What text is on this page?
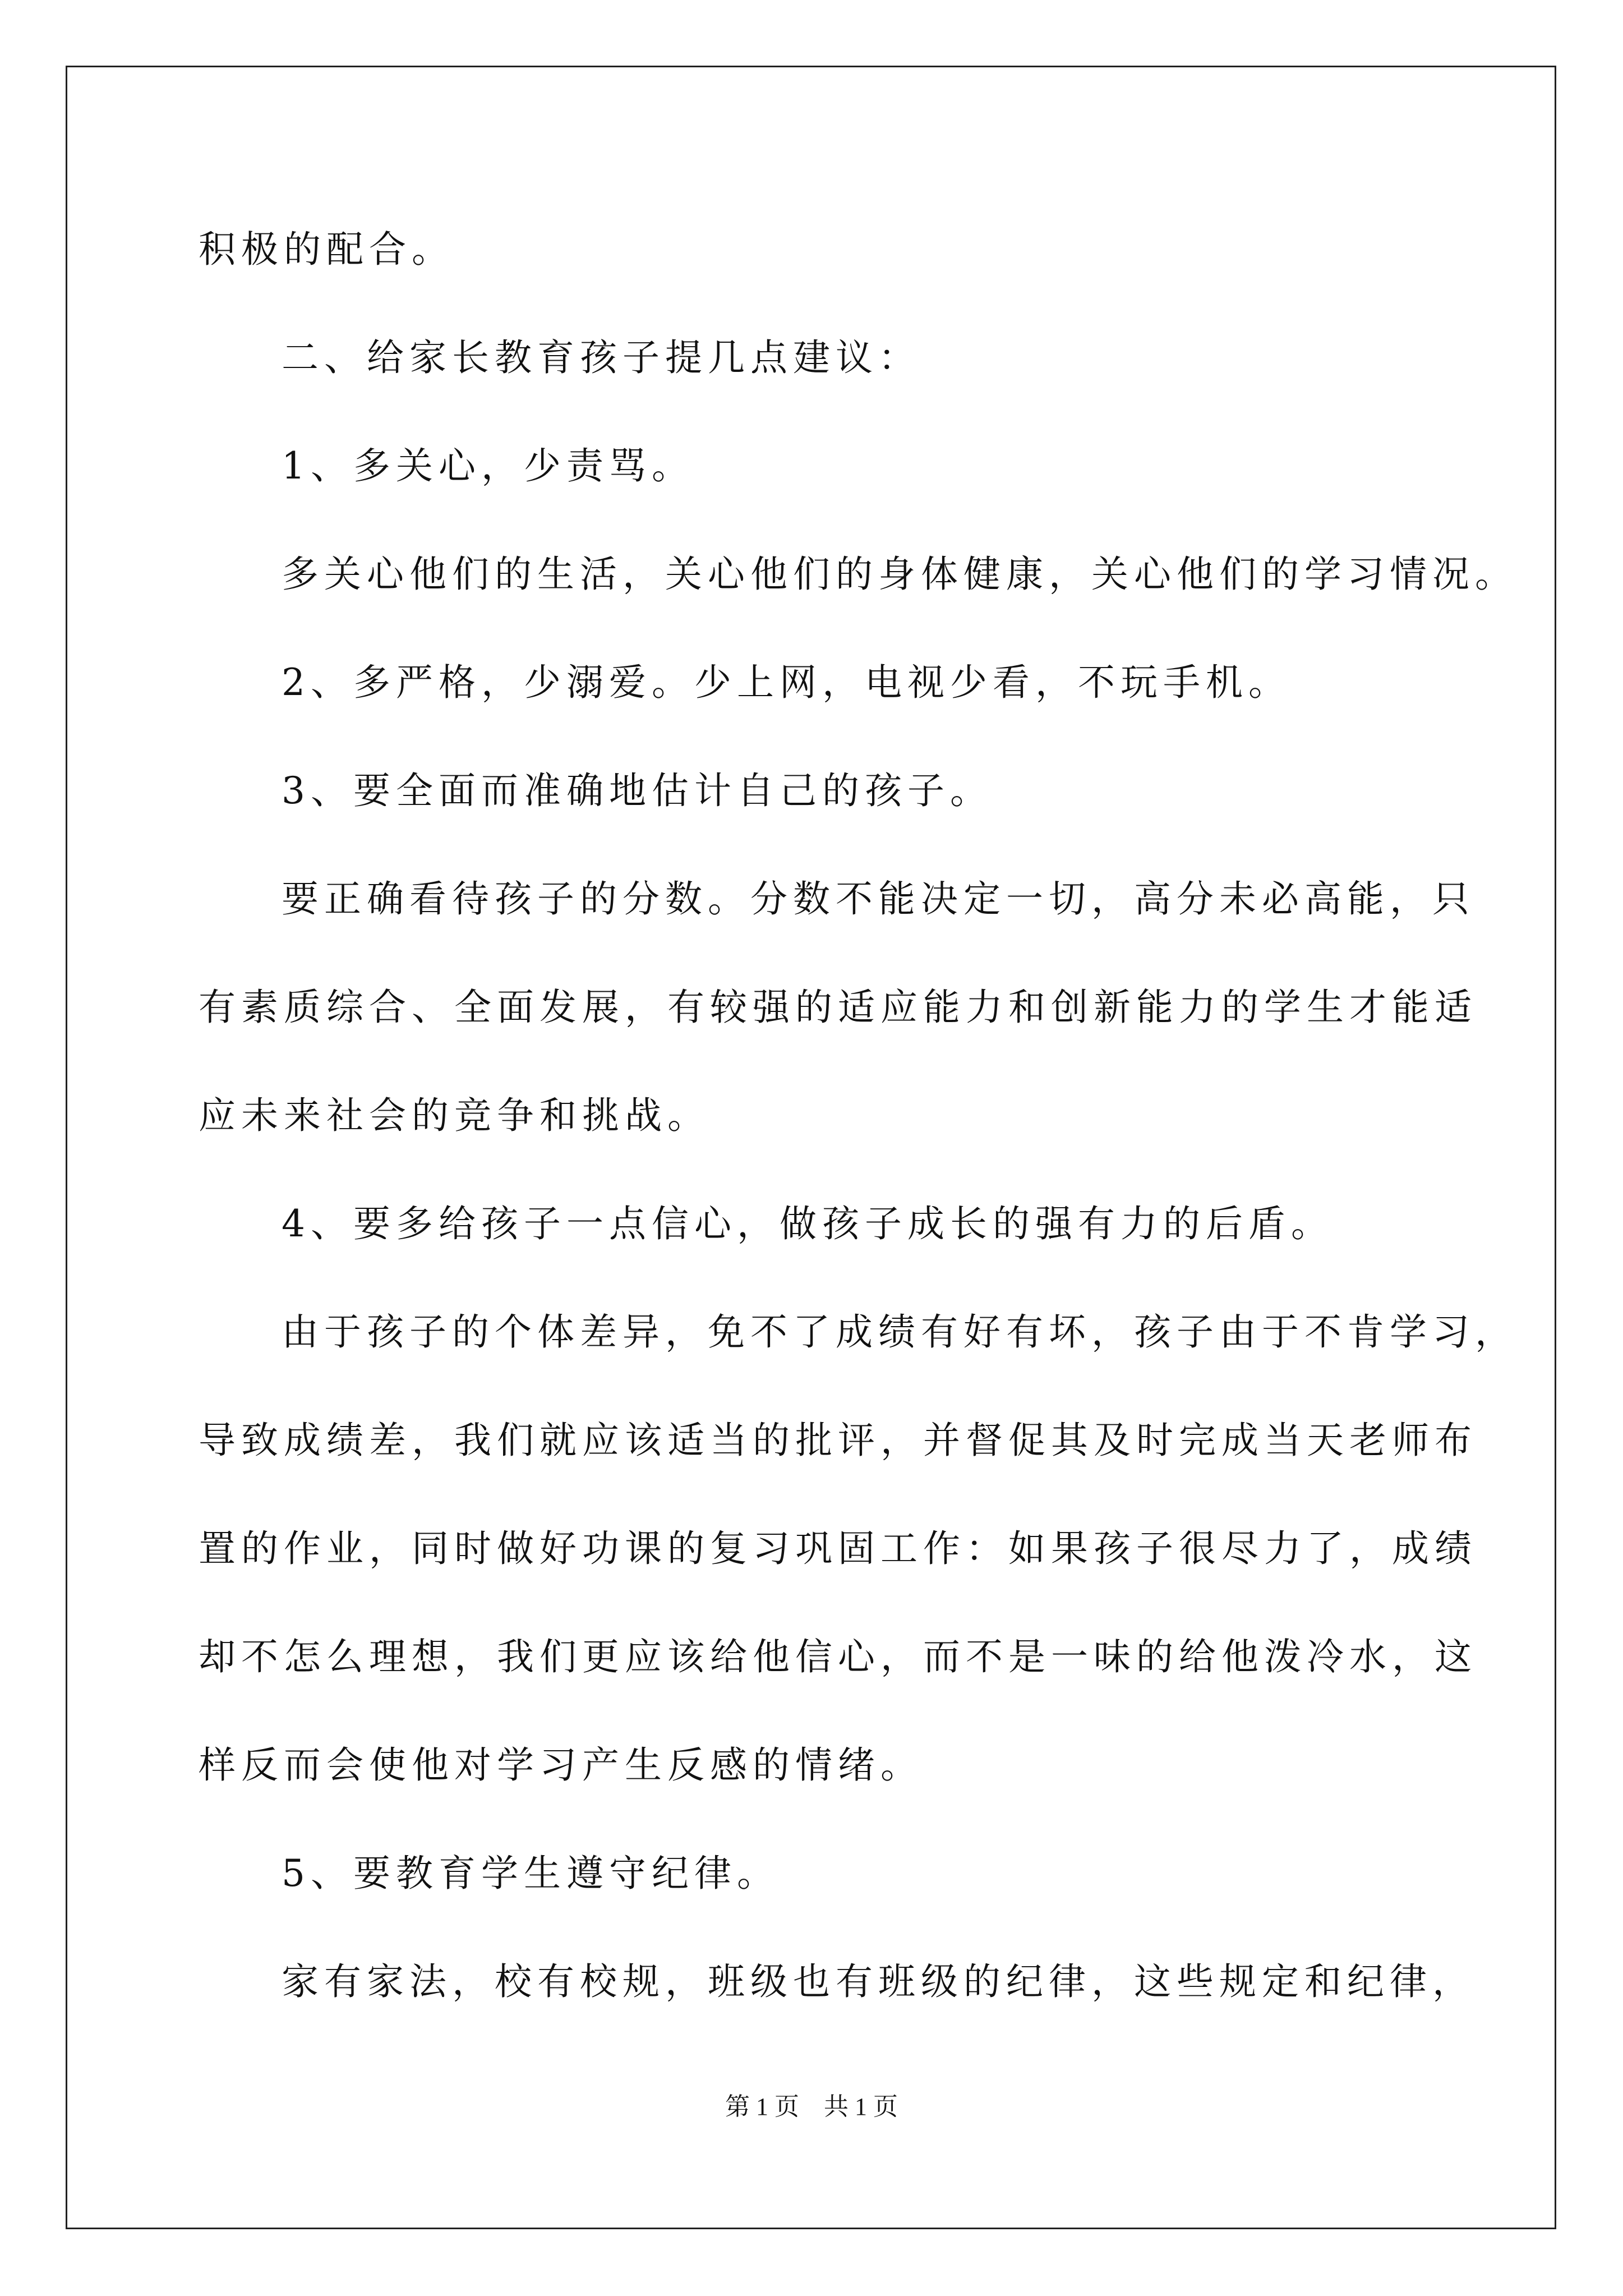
积极的配合。
二、给家长教育孩子提几点建议：
1、多关心，少责骂。
多关心他们的生活，关心他们的身体健康，关心他们的学习情况。
2、多严格，少溺爱。少上网，电视少看，不玩手机。
3、要全面而准确地估计自己的孩子。
要正确看待孩子的分数。分数不能决定一切，高分未必高能，只
有素质综合、全面发展，有较强的适应能力和创新能力的学生才能适
应未来社会的竞争和挑战。
4、要多给孩子一点信心，做孩子成长的强有力的后盾。
由于孩子的个体差异，免不了成绩有好有坏，孩子由于不肯学习，
导致成绩差，我们就应该适当的批评，并督促其及时完成当天老师布
置的作业，同时做好功课的复习巩固工作：如果孩子很尽力了，成绩
却不怎么理想，我们更应该给他信心，而不是一味的给他泼冷水，这
样反而会使他对学习产生反感的情绪。
5、要教育学生遵守纪律。
家有家法，校有校规，班级也有班级的纪律，这些规定和纪律，
第 1 页　共 1 页
